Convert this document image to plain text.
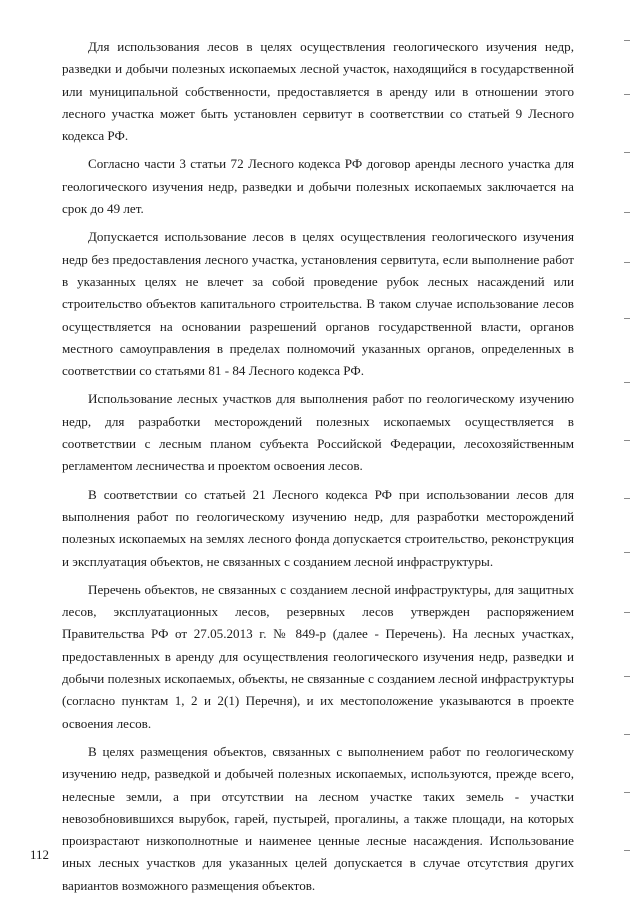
Для использования лесов в целях осуществления геологического изучения недр, разведки и добычи полезных ископаемых лесной участок, находящийся в государственной или муниципальной собственности, предоставляется в аренду или в отношении этого лесного участка может быть установлен сервитут в соответствии со статьей 9 Лесного кодекса РФ.

Согласно части 3 статьи 72 Лесного кодекса РФ договор аренды лесного участка для геологического изучения недр, разведки и добычи полезных ископаемых заключается на срок до 49 лет.

Допускается использование лесов в целях осуществления геологического изучения недр без предоставления лесного участка, установления сервитута, если выполнение работ в указанных целях не влечет за собой проведение рубок лесных насаждений или строительство объектов капитального строительства. В таком случае использование лесов осуществляется на основании разрешений органов государственной власти, органов местного самоуправления в пределах полномочий указанных органов, определенных в соответствии со статьями 81 - 84 Лесного кодекса РФ.

Использование лесных участков для выполнения работ по геологическому изучению недр, для разработки месторождений полезных ископаемых осуществляется в соответствии с лесным планом субъекта Российской Федерации, лесохозяйственным регламентом лесничества и проектом освоения лесов.

В соответствии со статьей 21 Лесного кодекса РФ при использовании лесов для выполнения работ по геологическому изучению недр, для разработки месторождений полезных ископаемых на землях лесного фонда допускается строительство, реконструкция и эксплуатация объектов, не связанных с созданием лесной инфраструктуры.

Перечень объектов, не связанных с созданием лесной инфраструктуры, для защитных лесов, эксплуатационных лесов, резервных лесов утвержден распоряжением Правительства РФ от 27.05.2013 г. № 849-р (далее - Перечень). На лесных участках, предоставленных в аренду для осуществления геологического изучения недр, разведки и добычи полезных ископаемых, объекты, не связанные с созданием лесной инфраструктуры (согласно пунктам 1, 2 и 2(1) Перечня), и их местоположение указываются в проекте освоения лесов.

В целях размещения объектов, связанных с выполнением работ по геологическому изучению недр, разведкой и добычей полезных ископаемых, используются, прежде всего, нелесные земли, а при отсутствии на лесном участке таких земель - участки невозобновившихся вырубок, гарей, пустырей, прогалины, а также площади, на которых произрастают низкополнотные и наименее ценные лесные насаждения. Использование иных лесных участков для указанных целей допускается в случае отсутствия других вариантов возможного размещения объектов.

112
